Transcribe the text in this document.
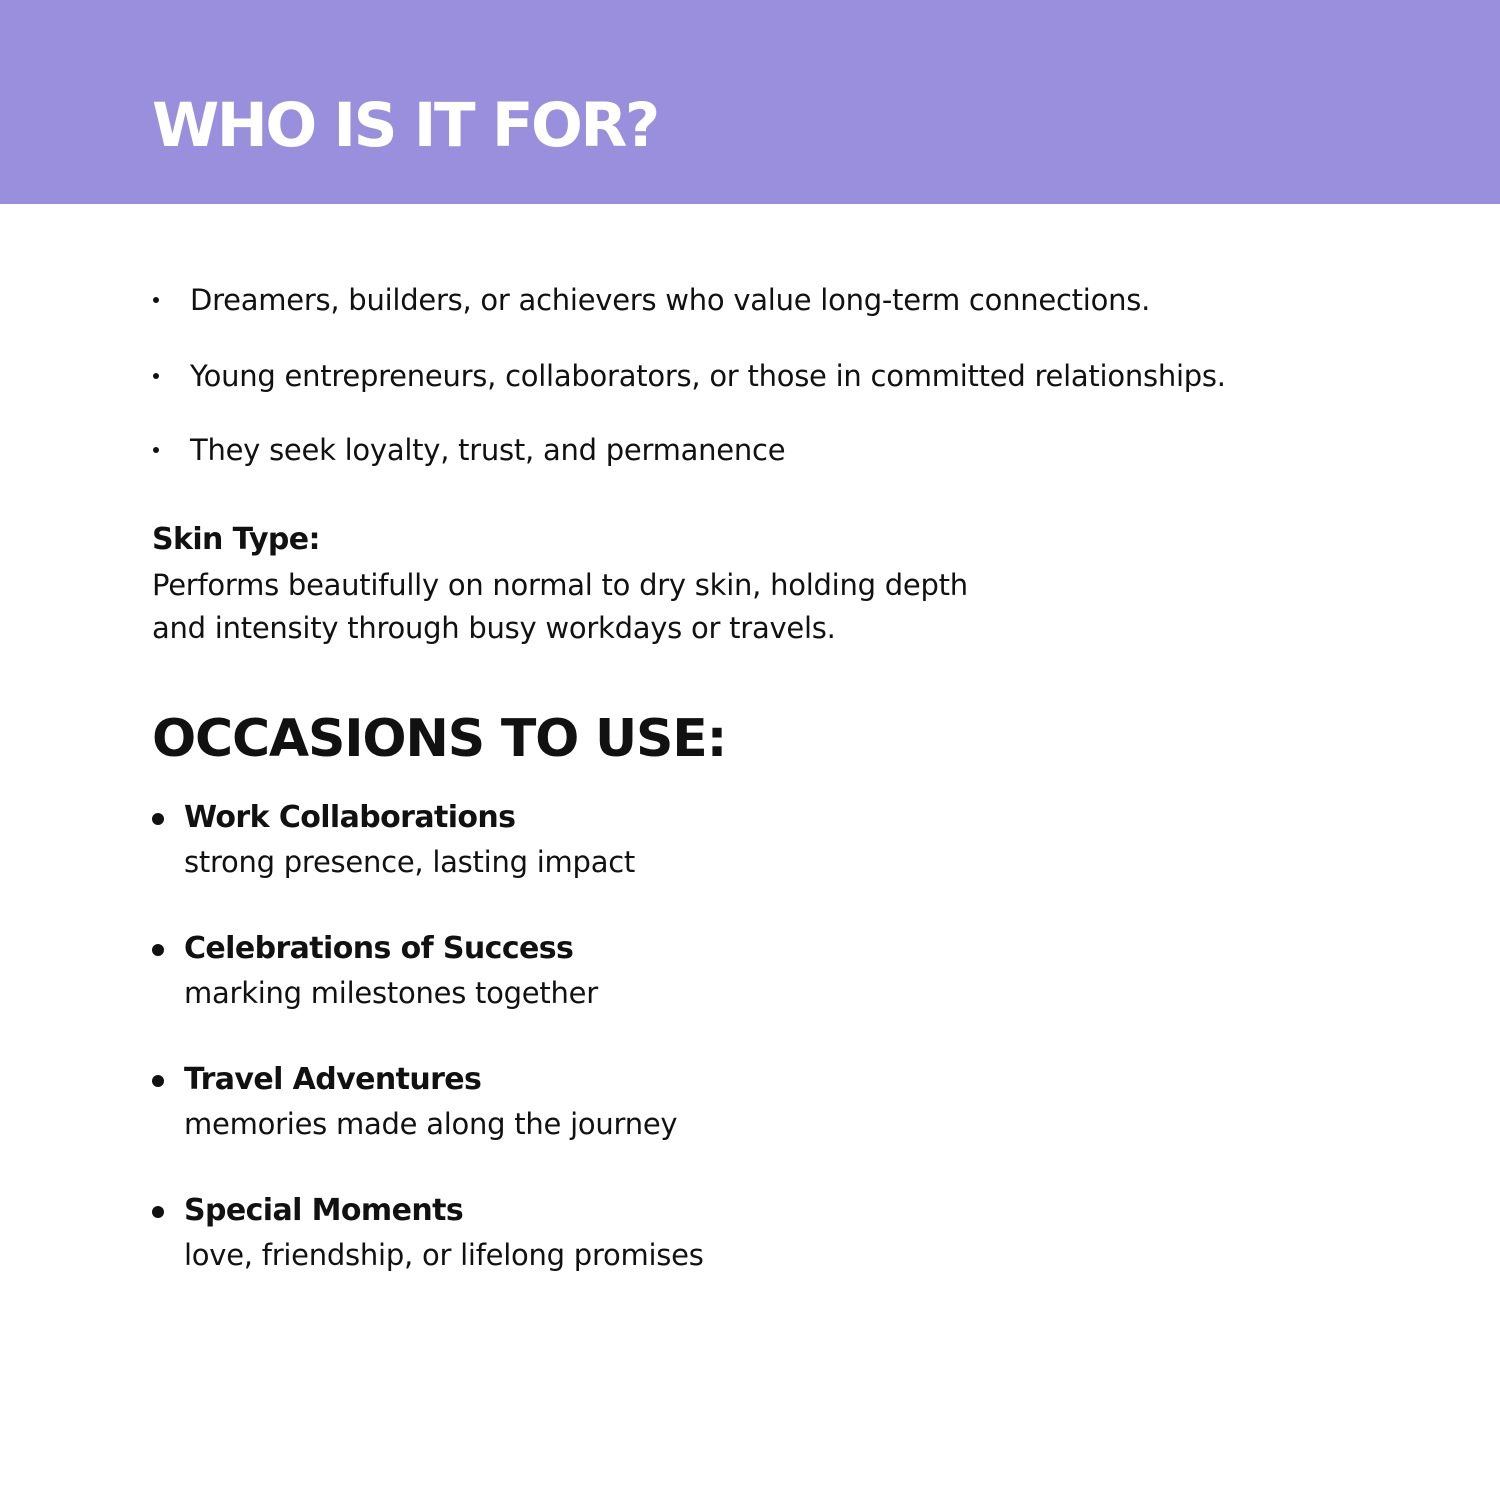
WHO IS IT FOR?
Dreamers, builders, or achievers who value long-term connections.
Young entrepreneurs, collaborators, or those in committed relationships.
They seek loyalty, trust, and permanence
Skin Type:

Performs beautifully on normal to dry skin, holding depth
and intensity through busy workdays or travels.

OCCASIONS TO USE:
Work Collaborations
strong presence, lasting impact
Celebrations of Success
marking milestones together
Travel Adventures
memories made along the journey
Special Moments
love, friendship, or lifelong promises
